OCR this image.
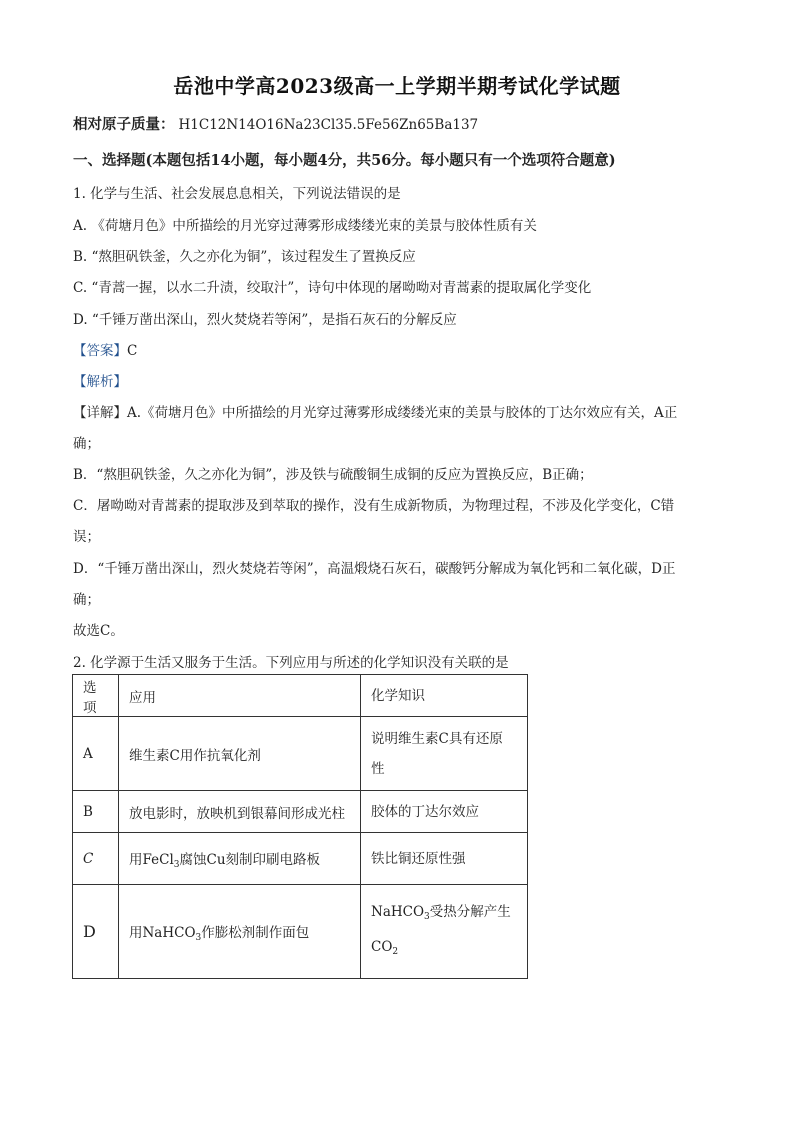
岳池中学高2023级高一上学期半期考试化学试题
相对原子质量： H1C12N14O16Na23Cl35.5Fe56Zn65Ba137
一、选择题(本题包括14小题，每小题4分，共56分。每小题只有一个选项符合题意)
1. 化学与生活、社会发展息息相关，下列说法错误的是
A. 《荷塘月色》中所描绘的月光穿过薄雾形成缕缕光束的美景与胶体性质有关
B. “熬胆矾铁釜，久之亦化为铜”，该过程发生了置换反应
C. “青蒿一握，以水二升渍，绞取汁”，诗句中体现的屠呦呦对青蒿素的提取属化学变化
D. “千锤万凿出深山，烈火焚烧若等闲”，是指石灰石的分解反应
【答案】C
【解析】
【详解】A.《荷塘月色》中所描绘的月光穿过薄雾形成缕缕光束的美景与胶体的丁达尔效应有关，A正
确；
B．“熬胆矾铁釜，久之亦化为铜”，涉及铁与硫酸铜生成铜的反应为置换反应，B正确；
C．屠呦呦对青蒿素的提取涉及到萃取的操作，没有生成新物质，为物理过程，不涉及化学变化，C错
误；
D．“千锤万凿出深山，烈火焚烧若等闲”，高温煅烧石灰石，碳酸钙分解成为氧化钙和二氧化碳，D正
确；
故选C。
2. 化学源于生活又服务于生活。下列应用与所述的化学知识没有关联的是
选项	应用	化学知识
A	维生素C用作抗氧化剂	说明维生素C具有还原
性

B	放电影时，放映机到银幕间形成光柱	胶体的丁达尔效应
C	用FeCl$_3$腐蚀Cu刻制印刷电路板	铁比铜还原性强
D	用NaHCO$_3$作膨松剂制作面包	NaHCO$_3$受热分解产生
$CO_2$
